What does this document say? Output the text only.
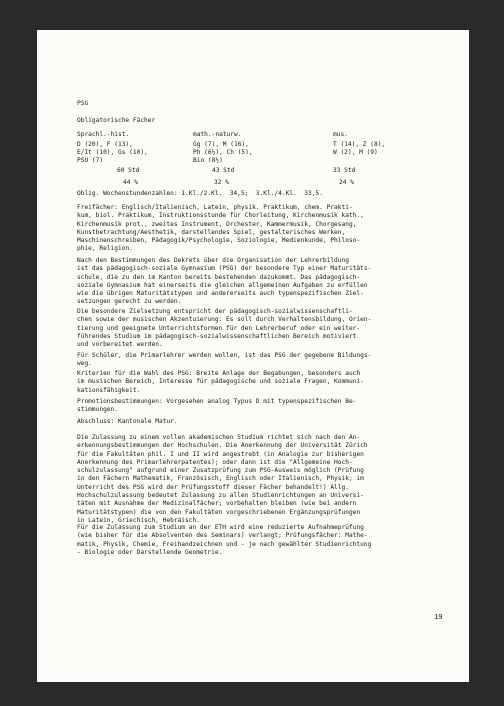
PSG
Obligatorische Fächer
Sprachl.-hist.
D (20), F (13),
E/It (10), Gs (10),
PSU (7)
60 Std
44 %
math.-naturw.
Gg (7), M (16),
Ph (6½), Ch (5),
Bio (8½)
43 Std
32 %
mus.
T (14), Z (8),
W (2), M (9)
33 Std
24 %
Oblig. Wochenstundenzahlen: 1.Kl./2.Kl.  34,5;  3.Kl./4.Kl.  33,5.
Freifächer: Englisch/Italienisch, Latein, physik. Praktikum, chem. Prakti-
kum, biol. Praktikum, Instruktionsstunde für Chorleitung, Kirchenmusik kath.,
Kirchenmusik prot., zweites Instrument, Orchester, Kammermusik, Chorgesang,
Kunstbetrachtung/Aesthetik, darstellendes Spiel, gestalterisches Werken,
Maschinenschreiben, Pädagogik/Psychologie, Soziologie, Medienkunde, Philoso-
phie, Religion.
Nach den Bestimmungen des Dekrets über die Organisation der Lehrerbildung
ist das pädagogisch-soziale Gymnasium (PSG) der besondere Typ einer Maturitäts-
schule, die zu den im Kanton bereits bestehenden dazukommt. Das pädagogisch-
soziale Gymnasium hat einerseits die gleichen allgemeinen Aufgaben zu erfüllen
wie die übrigen Maturitätstypen und andererseits auch typenspezifischen Ziel-
setzungen gerecht zu werden.
Die besondere Zielsetzung entspricht der pädagogisch-sozialwissenschaftli-
chen sowie der musischen Akzentuierung: Es soll durch Verhaltensbildung, Orien-
tierung und geeignete Unterrichtsformen für den Lehrerberuf oder ein weiter-
führendes Studium im pädagogisch-sozialwissenschaftlichen Bereich motiviert
und vorbereitet werden.
Für Schüler, die Primarlehrer werden wollen, ist das PSG der gegebene Bildungs-
weg.
Kriterien für die Wahl des PSG: Breite Anlage der Begabungen, besonders auch
im musischen Bereich, Interesse für pädagogische und soziale Fragen, Kommuni-
kationsfähigkeit.
Promotionsbestimmungen: Vorgesehen analog Typus D mit typenspezifischen Be-
stimmungen.
Abschluss: Kantonale Matur.
Die Zulassung zu einem vollen akademischen Studium richtet sich nach den An-
erkennungsbestimmungen der Hochschulen. Die Anerkennung der Universität Zürich
für die Fakultäten phil. I und II wird angestrebt (in Analogie zur bisherigen
Anerkennung des Primarlehrerpatentes); oder dann ist die "Allgemeine Hoch-
schulzulassung" aufgrund einer Zusatzprüfung zum PSG-Ausweis möglich (Prüfung
in den Fächern Mathematik, Französisch, Englisch oder Italienisch, Physik; im
Unterricht des PSG wird der Prüfungsstoff dieser Fächer behandelt!) Allg.
Hochschulzulassung bedeutet Zulassung zu allen Studienrichtungen an Universi-
täten mit Ausnahme der Medizinalfächer; vorbehalten bleiben (wie bei andern
Maturitätstypen) die von den Fakultäten vorgeschriebenen Ergänzungsprüfungen
in Latein, Griechisch, Hebräisch.
Für die Zulassung zum Studium an der ETH wird eine reduzierte Aufnahmeprüfung
(wie bisher für die Absolventen des Seminars) verlangt; Prüfungsfächer: Mathe-
matik, Physik, Chemie, Freihandzeichnen und - je nach gewählter Studienrichtung
- Biologie oder Darstellende Geometrie.
19
